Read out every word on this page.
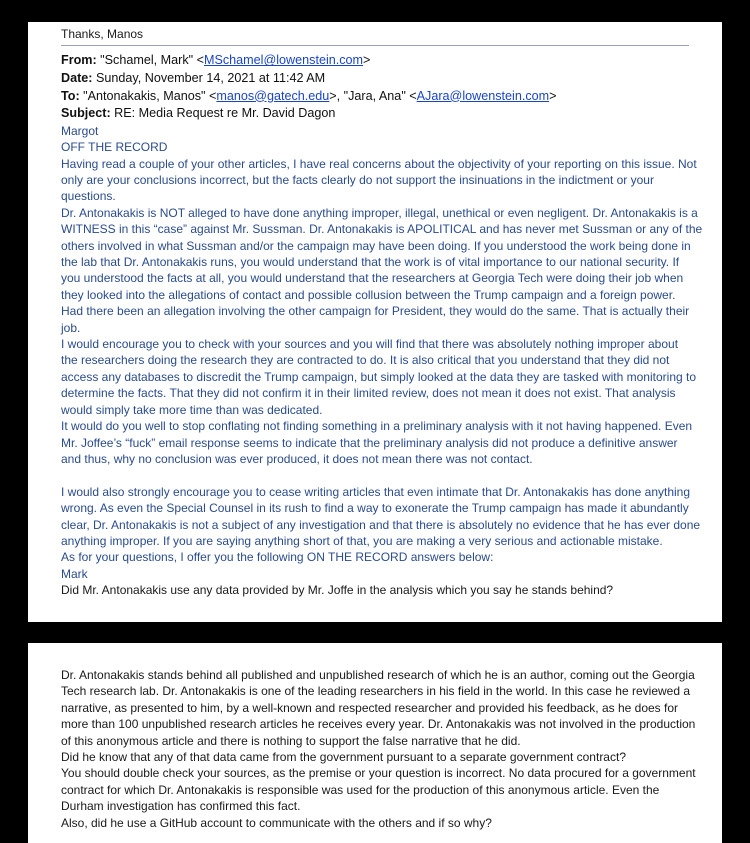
Thanks, Manos
From: "Schamel, Mark" <MSchamel@lowenstein.com>
Date: Sunday, November 14, 2021 at 11:42 AM
To: "Antonakakis, Manos" <manos@gatech.edu>, "Jara, Ana" <AJara@lowenstein.com>
Subject: RE: Media Request re Mr. David Dagon
Margot
OFF THE RECORD
Having read a couple of your other articles, I have real concerns about the objectivity of your reporting on this issue. Not
only are your conclusions incorrect, but the facts clearly do not support the insinuations in the indictment or your
questions.
Dr. Antonakakis is NOT alleged to have done anything improper, illegal, unethical or even negligent. Dr. Antonakakis is a
WITNESS in this “case” against Mr. Sussman. Dr. Antonakakis is APOLITICAL and has never met Sussman or any of the
others involved in what Sussman and/or the campaign may have been doing. If you understood the work being done in
the lab that Dr. Antonakakis runs, you would understand that the work is of vital importance to our national security. If
you understood the facts at all, you would understand that the researchers at Georgia Tech were doing their job when
they looked into the allegations of contact and possible collusion between the Trump campaign and a foreign power.
Had there been an allegation involving the other campaign for President, they would do the same. That is actually their
job.
I would encourage you to check with your sources and you will find that there was absolutely nothing improper about
the researchers doing the research they are contracted to do. It is also critical that you understand that they did not
access any databases to discredit the Trump campaign, but simply looked at the data they are tasked with monitoring to
determine the facts. That they did not confirm it in their limited review, does not mean it does not exist. That analysis
would simply take more time than was dedicated.
It would do you well to stop conflating not finding something in a preliminary analysis with it not having happened. Even
Mr. Joffee’s “fuck” email response seems to indicate that the preliminary analysis did not produce a definitive answer
and thus, why no conclusion was ever produced, it does not mean there was not contact.
I would also strongly encourage you to cease writing articles that even intimate that Dr. Antonakakis has done anything
wrong. As even the Special Counsel in its rush to find a way to exonerate the Trump campaign has made it abundantly
clear, Dr. Antonakakis is not a subject of any investigation and that there is absolutely no evidence that he has ever done
anything improper. If you are saying anything short of that, you are making a very serious and actionable mistake.
As for your questions, I offer you the following ON THE RECORD answers below:
Mark
Did Mr. Antonakakis use any data provided by Mr. Joffe in the analysis which you say he stands behind?
Dr. Antonakakis stands behind all published and unpublished research of which he is an author, coming out the Georgia
Tech research lab. Dr. Antonakakis is one of the leading researchers in his field in the world. In this case he reviewed a
narrative, as presented to him, by a well-known and respected researcher and provided his feedback, as he does for
more than 100 unpublished research articles he receives every year. Dr. Antonakakis was not involved in the production
of this anonymous article and there is nothing to support the false narrative that he did.
Did he know that any of that data came from the government pursuant to a separate government contract?
You should double check your sources, as the premise or your question is incorrect. No data procured for a government
contract for which Dr. Antonakakis is responsible was used for the production of this anonymous article. Even the
Durham investigation has confirmed this fact.
Also, did he use a GitHub account to communicate with the others and if so why?
